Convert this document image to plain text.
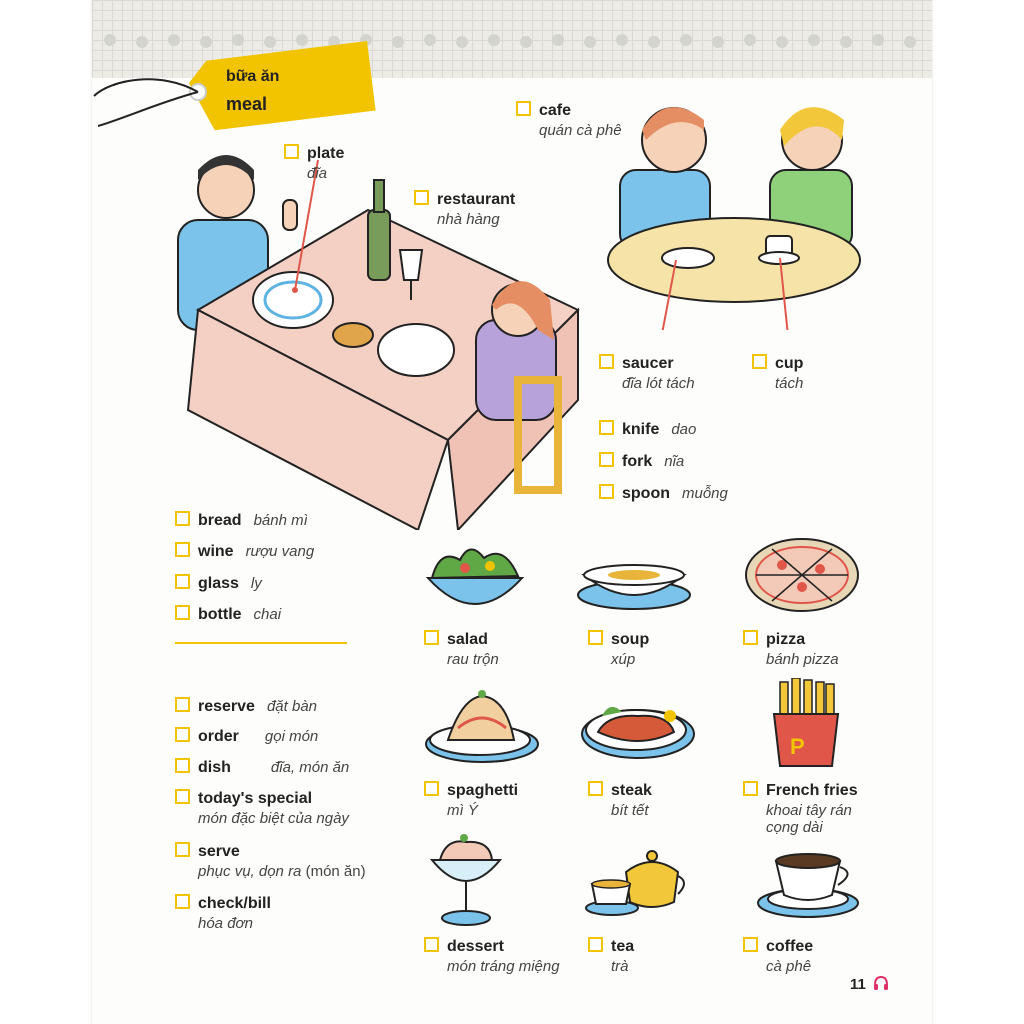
bữa ăn
meal
plate
đĩa
restaurant
nhà hàng
cafe
quán cà phê
saucer
đĩa lót tách
cup
tách
knife dao
fork nĩa
spoon muỗng
bread bánh mì
wine rượu vang
glass ly
bottle chai
reserve đặt bàn
order gọi món
dish	đĩa, món ăn
today's special
món đặc biệt của ngày
serve
phục vụ, dọn ra (món ăn)
check/bill
hóa đơn
P
salad
rau trộn
soup
xúp
pizza
bánh pizza
spaghetti
mì Ý
steak
bít tết
French fries
khoai tây rán
cọng dài
dessert
món tráng miệng
tea
trà
coffee
cà phê
11
